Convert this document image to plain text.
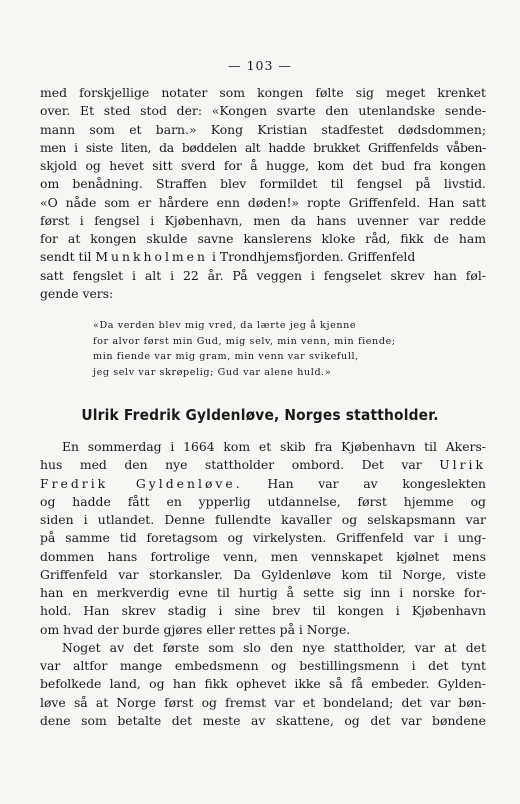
— 103 —
med forskjellige notater som kongen følte sig meget krenket
over. Et sted stod der: «Kongen svarte den utenlandske sende-
mann som et barn.» Kong Kristian stadfestet dødsdommen;
men i siste liten, da bøddelen alt hadde brukket Griffenfelds våben-
skjold og hevet sitt sverd for å hugge, kom det bud fra kongen
om benådning. Straffen blev formildet til fengsel på livstid.
«O nåde som er hårdere enn døden!» ropte Griffenfeld. Han satt
først i fengsel i Kjøbenhavn, men da hans uvenner var redde
for at kongen skulde savne kanslerens kloke råd, fikk de ham
sendt til Munkholmen i Trondhjemsfjorden. Griffenfeld
satt fengslet i alt i 22 år. På veggen i fengselet skrev han føl-
gende vers:
«Da verden blev mig vred, da lærte jeg å kjenne
for alvor først min Gud, mig selv, min venn, min fiende;
min fiende var mig gram, min venn var svikefull,
jeg selv var skrøpelig; Gud var alene huld.»
Ulrik Fredrik Gyldenløve, Norges stattholder.
En sommerdag i 1664 kom et skib fra Kjøbenhavn til Akers-
hus med den nye stattholder ombord. Det var Ulrik
Fredrik Gyldenløve. Han var av kongeslekten
og hadde fått en ypperlig utdannelse, først hjemme og
siden i utlandet. Denne fullendte kavaller og selskapsmann var
på samme tid foretagsom og virkelysten. Griffenfeld var i ung-
dommen hans fortrolige venn, men vennskapet kjølnet mens
Griffenfeld var storkansler. Da Gyldenløve kom til Norge, viste
han en merkverdig evne til hurtig å sette sig inn i norske for-
hold. Han skrev stadig i sine brev til kongen i Kjøbenhavn
om hvad der burde gjøres eller rettes på i Norge.
Noget av det første som slo den nye stattholder, var at det
var altfor mange embedsmenn og bestillingsmenn i det tynt
befolkede land, og han fikk ophevet ikke så få embeder. Gylden-
løve så at Norge først og fremst var et bondeland; det var bøn-
dene som betalte det meste av skattene, og det var bøndene
